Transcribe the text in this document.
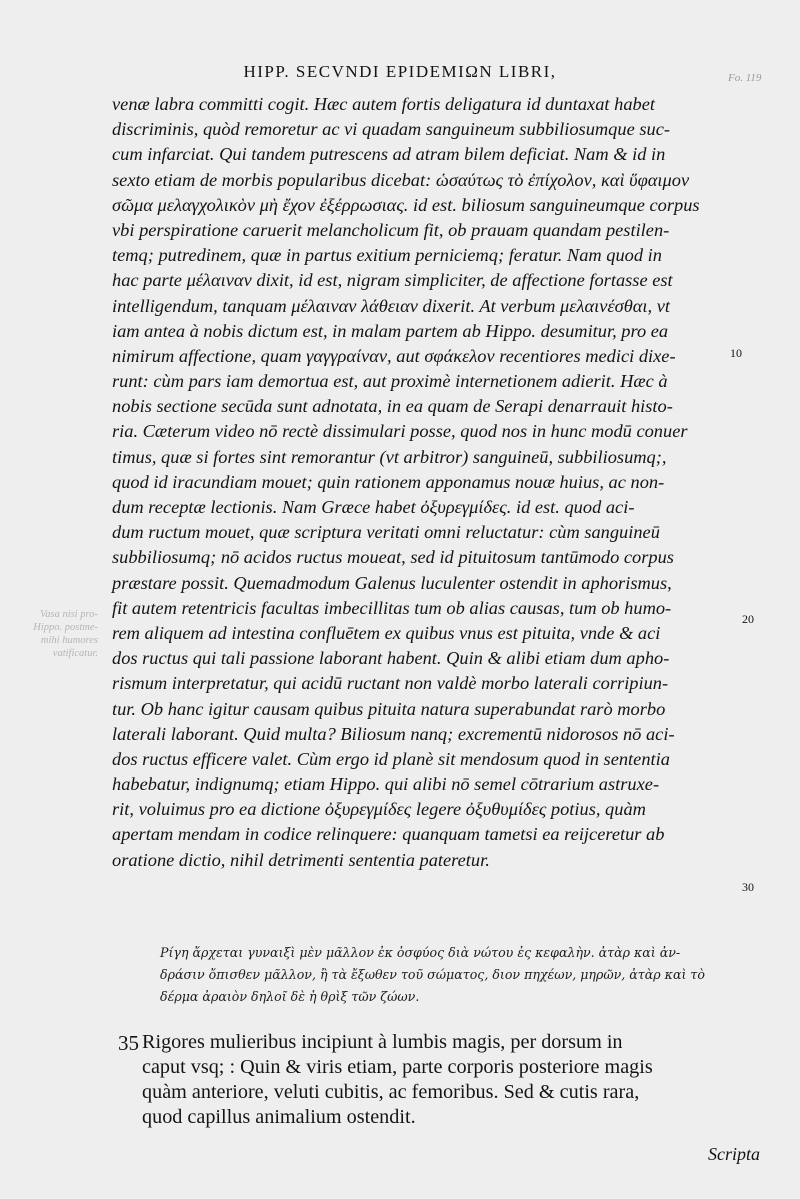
HIPP. SECVNDI EPIDEMIΩN LIBRI,	Fo. 119
Vasa nisi pro-
Hippo. postme-
mihi humores
vatificatur.
venæ labra committi cogit. Hæc autem fortis deligatura id duntaxat habet
discriminis, quòd remoretur ac vi quadam sanguineum subbiliosumque suc-
cum infarciat. Qui tandem putrescens ad atram bilem deficiat. Nam & id in
sexto etiam de morbis popularibus dicebat: ὡσαύτως τὸ ἐπίχολον, καὶ ὕφαιμον
σῶμα μελαγχολικὸν μὴ ἔχον ἐξέρρωσιας. id est. biliosum sanguineumque corpus
vbi perspiratione caruerit melancholicum fit, ob prauam quandam pestilen-
temq; putredinem, quæ in partus exitium perniciemq; feratur. Nam quod in
hac parte μέλαιναν dixit, id est, nigram simpliciter, de affectione fortasse est
intelligendum, tanquam μέλαιναν λάθειαν dixerit. At verbum μελαινέσθαι, vt
iam antea à nobis dictum est, in malam partem ab Hippo. desumitur, pro ea
nimirum affectione, quam γαγγραίναν, aut σφάκελον recentiores medici dixe-
runt: cùm pars iam demortua est, aut proximè internetionem adierit. Hæc à
nobis sectione secūda sunt adnotata, in ea quam de Serapi denarrauit histo-
ria. Cæterum video nō rectè dissimulari posse, quod nos in hunc modū conuer
timus, quæ si fortes sint remorantur (vt arbitror) sanguineū, subbiliosumq;,
quod id iracundiam mouet; quin rationem apponamus nouæ huius, ac non-
dum receptæ lectionis. Nam Græce habet ὀξυρεγμίδες. id est. quod aci-
dum ructum mouet, quæ scriptura veritati omni reluctatur: cùm sanguineū
subbiliosumq; nō acidos ructus moueat, sed id pituitosum tantūmodo corpus
præstare possit. Quemadmodum Galenus luculenter ostendit in aphorismus,
fit autem retentricis facultas imbecillitas tum ob alias causas, tum ob humo-
rem aliquem ad intestina confluētem ex quibus vnus est pituita, vnde & aci
dos ructus qui tali passione laborant habent. Quin & alibi etiam dum apho-
rismum interpretatur, qui acidū ructant non valdè morbo laterali corripiun-
tur. Ob hanc igitur causam quibus pituita natura superabundat rarò morbo
laterali laborant. Quid multa? Biliosum nanq; excrementū nidorosos nō aci-
dos ructus efficere valet. Cùm ergo id planè sit mendosum quod in sententia
habebatur, indignumq; etiam Hippo. qui alibi nō semel cōtrarium astruxe-
rit, voluimus pro ea dictione ὀξυρεγμίδες legere ὀξυθυμίδες potius, quàm
apertam mendam in codice relinquere: quanquam tametsi ea reijceretur ab
oratione dictio, nihil detrimenti sententia pateretur.
10
20
30
Ρίγη ἄρχεται γυναιξὶ μὲν μᾶλλον ἐκ ὀσφύος διὰ νώτου ἐς κεφαλὴν. ἀτὰρ καὶ ἀν-
δράσιν ὄπισθεν μᾶλλον, ἢ τὰ ἔξωθεν τοῦ σώματος, διον πηχέων, μηρῶν, ἀτὰρ καὶ τὸ
δέρμα ἀραιὸν δηλοῖ δὲ ἡ θρὶξ τῶν ζώων.
35 Rigores mulieribus incipiunt à lumbis magis, per dorsum in
caput vsq; : Quin & viris etiam, parte corporis posteriore magis
quàm anteriore, veluti cubitis, ac femoribus. Sed & cutis rara,
quod capillus animalium ostendit.
Scripta
